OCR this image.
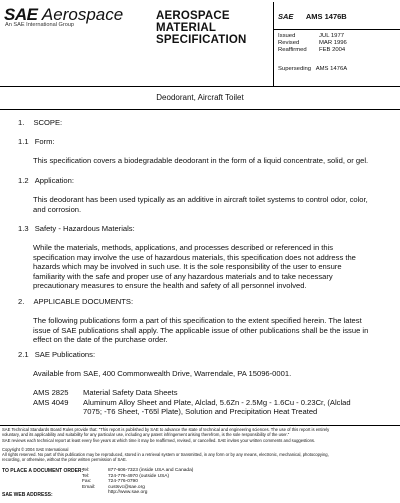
SAE Aerospace
An SAE International Group
AEROSPACE
MATERIAL
SPECIFICATION
SAE AMS 1476B
Issued	JUL 1977
Revised	MAR 1996
Reaffirmed	FEB 2004
Superseding AMS 1476A
Deodorant, Aircraft Toilet
1. SCOPE:
1.1 Form:
This specification covers a biodegradable deodorant in the form of a liquid concentrate, solid, or gel.
1.2 Application:
This deodorant has been used typically as an additive in aircraft toilet systems to control odor, color,
and corrosion.
1.3 Safety - Hazardous Materials:
While the materials, methods, applications, and processes described or referenced in this
specification may involve the use of hazardous materials, this specification does not address the
hazards which may be involved in such use. It is the sole responsibility of the user to ensure
familiarity with the safe and proper use of any hazardous materials and to take necessary
precautionary measures to ensure the health and safety of all personnel involved.
2. APPLICABLE DOCUMENTS:
The following publications form a part of this specification to the extent specified herein. The latest
issue of SAE publications shall apply. The applicable issue of other publications shall be the issue in
effect on the date of the purchase order.
2.1 SAE Publications:
Available from SAE, 400 Commonwealth Drive, Warrendale, PA 15096-0001.
AMS 2825 Material Safety Data Sheets
AMS 4049 Aluminum Alloy Sheet and Plate, Alclad, 5.6Zn - 2.5Mg - 1.6Cu - 0.23Cr, (Alclad
7075; -T6 Sheet, -T65l Plate), Solution and Precipitation Heat Treated
SAE Technical Standards Board Rules provide that: "This report is published by SAE to advance the state of technical and engineering sciences. The use of this report is entirely
voluntary, and its applicability and suitability for any particular use, including any patent infringement arising therefrom, is the sole responsibility of the user."
SAE reviews each technical report at least every five years at which time it may be reaffirmed, revised, or cancelled. SAE invites your written comments and suggestions.
Copyright © 2004 SAE International
All rights reserved. No part of this publication may be reproduced, stored in a retrieval system or transmitted, in any form or by any means, electronic, mechanical, photocopying,
recording, or otherwise, without the prior written permission of SAE.
TO PLACE A DOCUMENT ORDER:
SAE WEB ADDRESS:
Tel:	877-606-7323 (inside USA and Canada)
Tel:	724-776-4970 (outside USA)
Fax:	724-776-0790
Email:	custsvc@sae.org
	http://www.sae.org
